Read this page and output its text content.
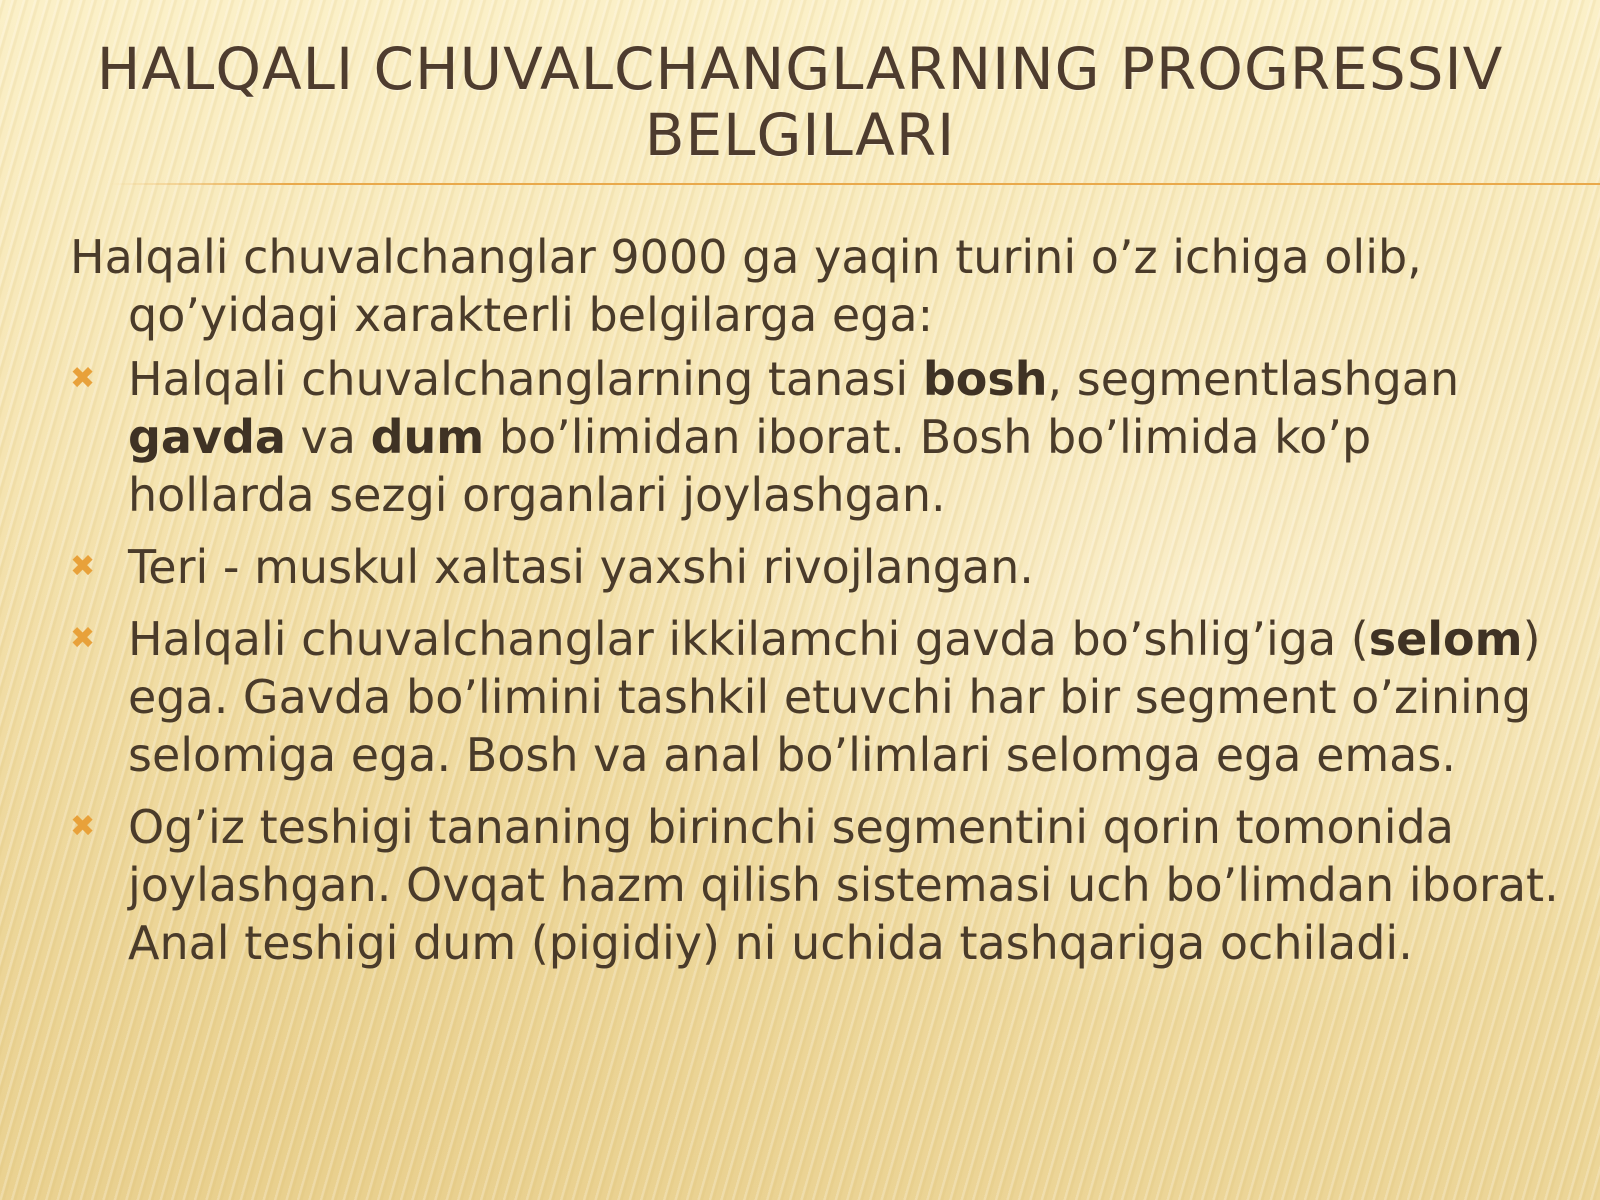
HALQALI CHUVALCHANGLARNING PROGRESSIV BELGILARI

Halqali chuvalchanglar 9000 ga yaqin turini o’z ichiga olib, qo’yidagi xarakterli belgilarga ega:

✖ Halqali chuvalchanglarning tanasi bosh, segmentlashgan gavda va dum bo’limidan iborat. Bosh bo’limida ko’p hollarda sezgi organlari joylashgan.
✖ Teri - muskul xaltasi yaxshi rivojlangan.
✖ Halqali chuvalchanglar ikkilamchi gavda bo’shlig’iga (selom) ega. Gavda bo’limini tashkil etuvchi har bir segment o’zining selomiga ega. Bosh va anal bo’limlari selomga ega emas.
✖ Og’iz teshigi tananing birinchi segmentini qorin tomonida joylashgan. Ovqat hazm qilish sistemasi uch bo’limdan iborat. Anal teshigi dum (pigidiy) ni uchida tashqariga ochiladi.
